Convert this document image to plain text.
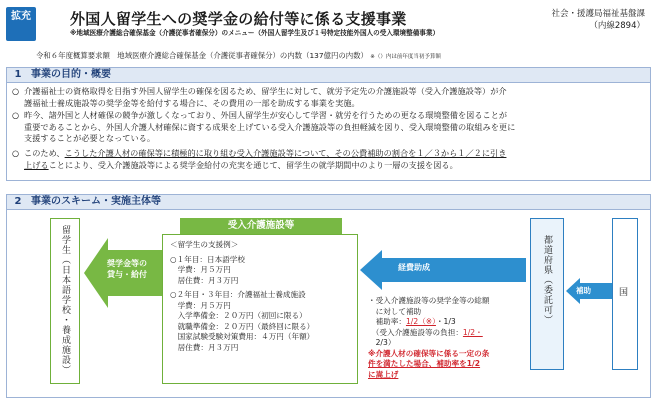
拡充	外国人留学生への奨学金の給付等に係る支援事業
※地域医療介護総合確保基金（介護従事者確保分）のメニュー（外国人留学生及び１号特定技能外国人の受入環境整備事業）
社会・援護局福祉基盤課
（内線2894）
令和６年度概算要求額　地域医療介護総合確保基金（介護従事者確保分）の内数（137億円の内数） ※（）内は前年度当初予算額
1 事業の目的・概要
○ 介護福祉士の資格取得を目指す外国人留学生の確保を図るため、留学生に対して、就労予定先の介護施設等（受入介護施設等）が介
護福祉士養成施設等の奨学金等を給付する場合に、その費用の一部を助成する事業を実施。
○ 昨今、諸外国と人材確保の競争が激しくなっており、外国人留学生が安心して学習・就労を行うための更なる環境整備を図ることが
重要であることから、外国人介護人材確保に資する成果を上げている受入介護施設等の負担軽減を図り、受入環境整備の取組みを更に
支援することが必要となっている。
○ このため、こうした介護人材の確保等に積極的に取り組む受入介護施設等について、その公費補助の割合を１／３から１／２に引き
上げることにより、受入介護施設等による奨学金給付の充実を通じて、留学生の就学期間中のより一層の支援を図る。
2 事業のスキーム・実施主体等
留学生（日本語学校・養成施設）	奨学金等の
貸与・給付
受入介護施設等
＜留学生の支援例＞
○１年目：日本語学校
　学費：月５万円
　居住費：月３万円
○２年目・３年目：介護福祉士養成施設
　学費：月５万円
　入学準備金：２０万円（初回に限る）
　就職準備金：２０万円（最終回に限る）
　国家試験受験対策費用：４万円（年額）
　居住費：月３万円
経費助成
・受入介護施設等の奨学金等の総額
　に対して補助
　補助率：1/2（※）・1/3
　（受入介護施設等の負担：1/2・
　2/3）
※介護人材の確保等に係る一定の条
件を満たした場合、補助率を1/2
に嵩上げ
都道府県（委託可）	補助	国
